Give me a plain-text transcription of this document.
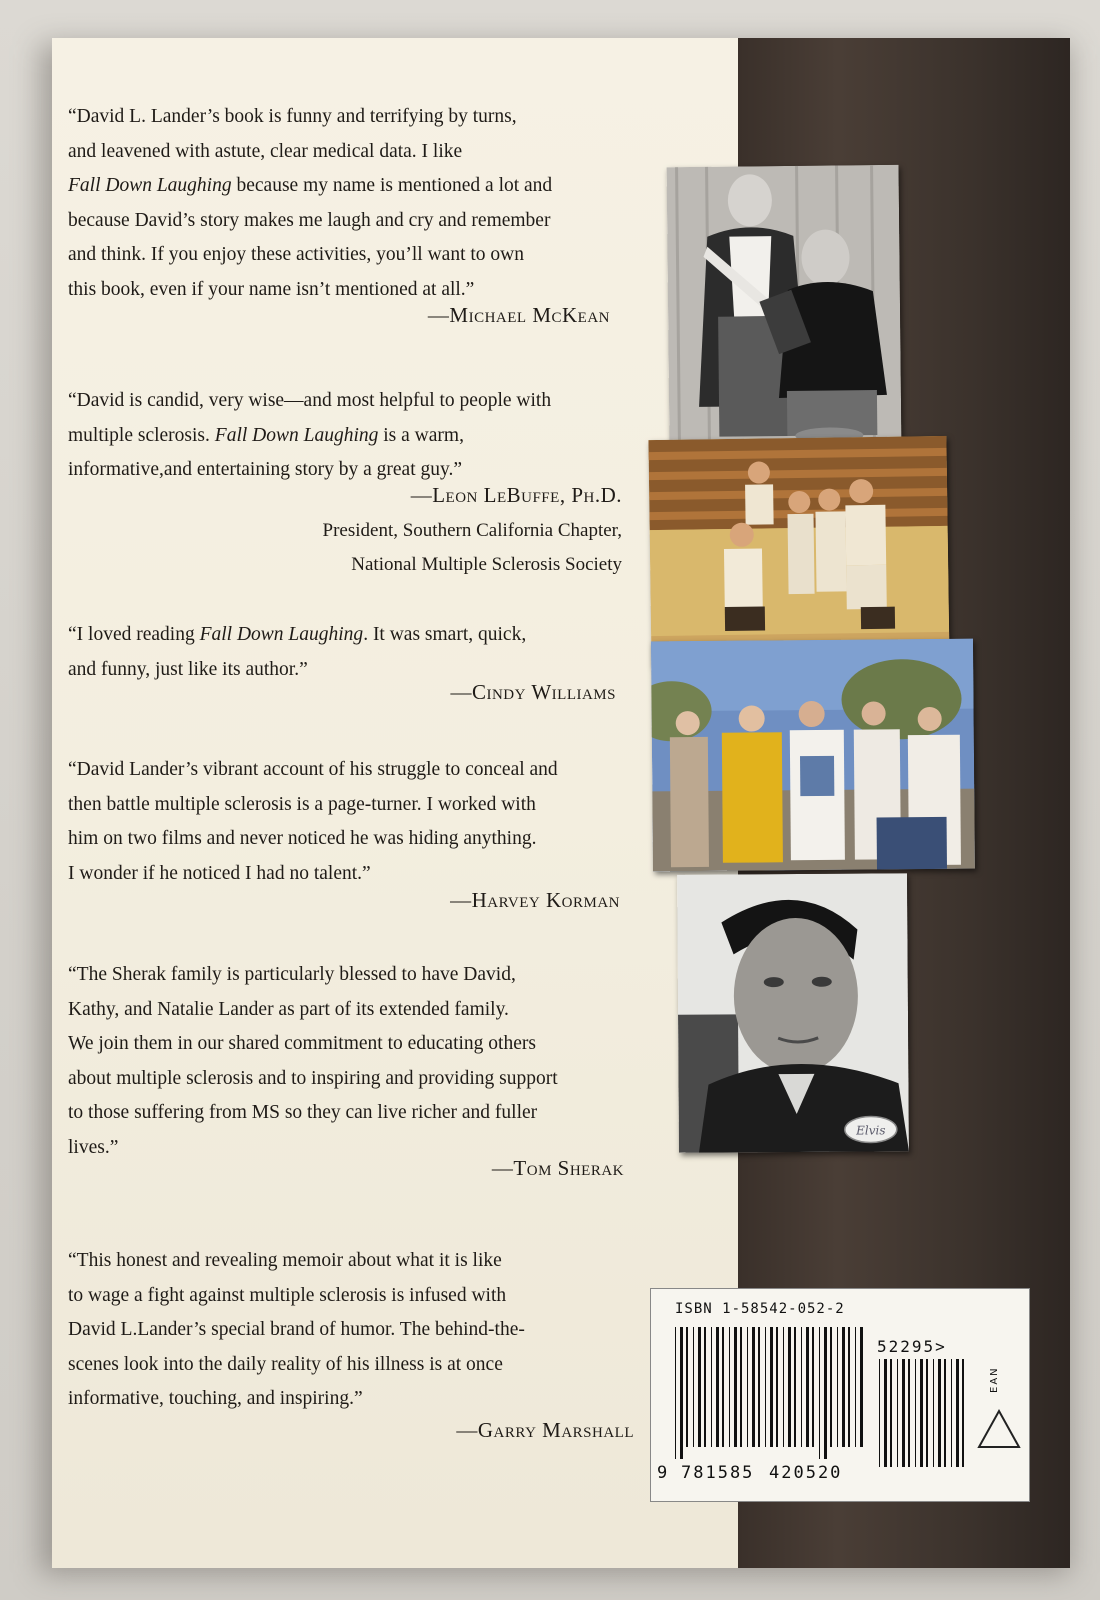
“David L. Lander’s book is funny and terrifying by turns,

and leavened with astute, clear medical data. I like

Fall Down Laughing because my name is mentioned a lot and

because David’s story makes me laugh and cry and remember

and think. If you enjoy these activities, you’ll want to own

this book, even if your name isn’t mentioned at all.”

—Michael McKean

“David is candid, very wise—and most helpful to people with

multiple sclerosis. Fall Down Laughing is a warm,

informative,and entertaining story by a great guy.”

—Leon LeBuffe, Ph.D.
President, Southern California Chapter,
National Multiple Sclerosis Society

“I loved reading Fall Down Laughing. It was smart, quick,

and funny, just like its author.”

—Cindy Williams

“David Lander’s vibrant account of his struggle to conceal and

then battle multiple sclerosis is a page-turner. I worked with

him on two films and never noticed he was hiding anything.

I wonder if he noticed I had no talent.”

—Harvey Korman

“The Sherak family is particularly blessed to have David,

Kathy, and Natalie Lander as part of its extended family.

We join them in our shared commitment to educating others

about multiple sclerosis and to inspiring and providing support

to those suffering from MS so they can live richer and fuller

lives.”

—Tom Sherak

“This honest and revealing memoir about what it is like

to wage a fight against multiple sclerosis is infused with

David L.Lander’s special brand of humor. The behind-the-

scenes look into the daily reality of his illness is at once

informative, touching, and inspiring.”

—Garry Marshall
Elvis
ISBN 1-58542-052-2
9 781585 420520
52295>
EAN
